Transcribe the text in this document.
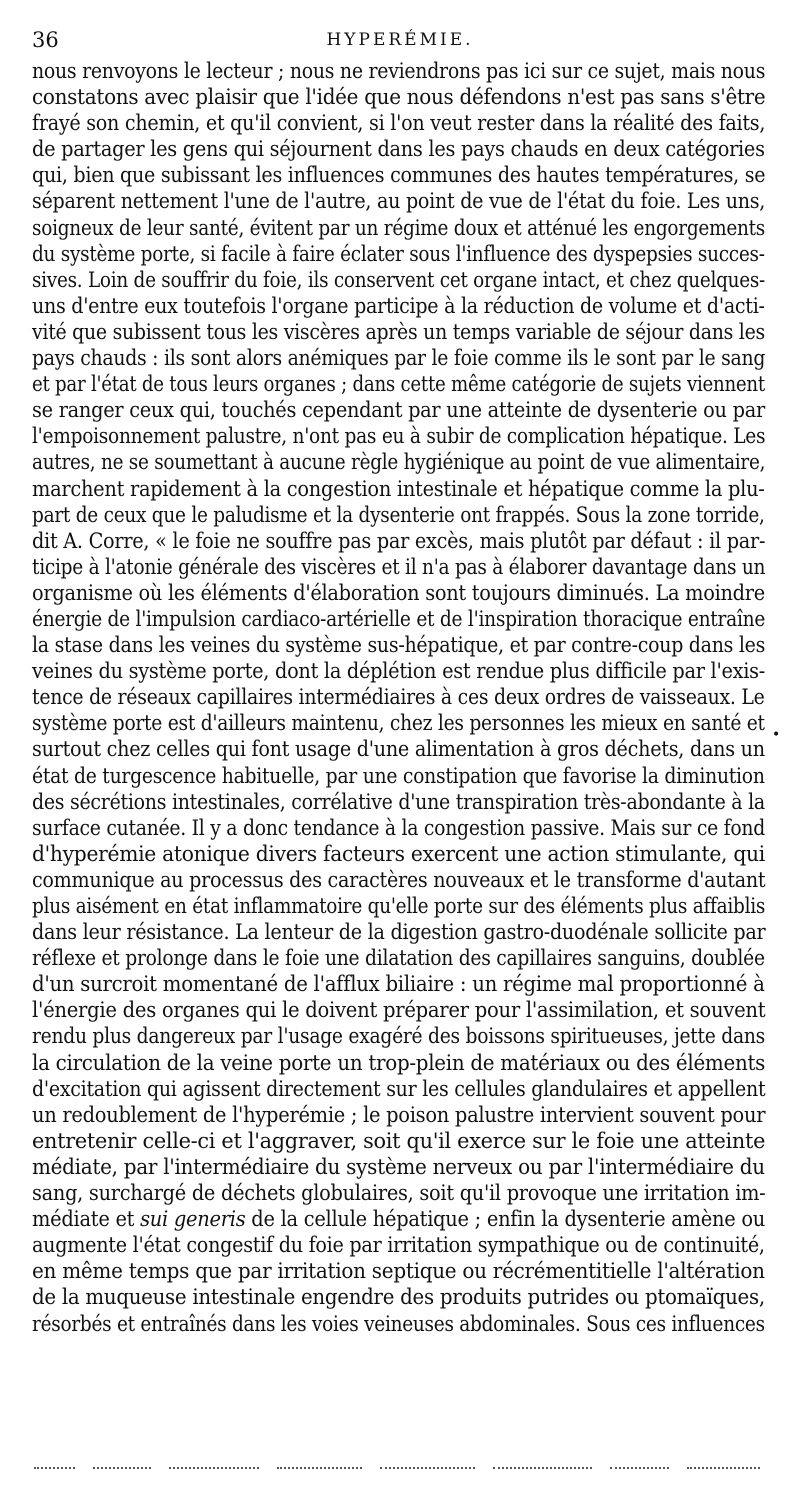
36	HYPERÉMIE.
nous renvoyons le lecteur ; nous ne reviendrons pas ici sur ce sujet, mais nous
constatons avec plaisir que l'idée que nous défendons n'est pas sans s'être
frayé son chemin, et qu'il convient, si l'on veut rester dans la réalité des faits,
de partager les gens qui séjournent dans les pays chauds en deux catégories
qui, bien que subissant les influences communes des hautes températures, se
séparent nettement l'une de l'autre, au point de vue de l'état du foie. Les uns,
soigneux de leur santé, évitent par un régime doux et atténué les engorgements
du système porte, si facile à faire éclater sous l'influence des dyspepsies succes-
sives. Loin de souffrir du foie, ils conservent cet organe intact, et chez quelques-
uns d'entre eux toutefois l'organe participe à la réduction de volume et d'acti-
vité que subissent tous les viscères après un temps variable de séjour dans les
pays chauds : ils sont alors anémiques par le foie comme ils le sont par le sang
et par l'état de tous leurs organes ; dans cette même catégorie de sujets viennent
se ranger ceux qui, touchés cependant par une atteinte de dysenterie ou par
l'empoisonnement palustre, n'ont pas eu à subir de complication hépatique. Les
autres, ne se soumettant à aucune règle hygiénique au point de vue alimentaire,
marchent rapidement à la congestion intestinale et hépatique comme la plu-
part de ceux que le paludisme et la dysenterie ont frappés. Sous la zone torride,
dit A. Corre, « le foie ne souffre pas par excès, mais plutôt par défaut : il par-
ticipe à l'atonie générale des viscères et il n'a pas à élaborer davantage dans un
organisme où les éléments d'élaboration sont toujours diminués. La moindre
énergie de l'impulsion cardiaco-artérielle et de l'inspiration thoracique entraîne
la stase dans les veines du système sus-hépatique, et par contre-coup dans les
veines du système porte, dont la déplétion est rendue plus difficile par l'exis-
tence de réseaux capillaires intermédiaires à ces deux ordres de vaisseaux. Le
système porte est d'ailleurs maintenu, chez les personnes les mieux en santé et
surtout chez celles qui font usage d'une alimentation à gros déchets, dans un
état de turgescence habituelle, par une constipation que favorise la diminution
des sécrétions intestinales, corrélative d'une transpiration très-abondante à la
surface cutanée. Il y a donc tendance à la congestion passive. Mais sur ce fond
d'hyperémie atonique divers facteurs exercent une action stimulante, qui
communique au processus des caractères nouveaux et le transforme d'autant
plus aisément en état inflammatoire qu'elle porte sur des éléments plus affaiblis
dans leur résistance. La lenteur de la digestion gastro-duodénale sollicite par
réflexe et prolonge dans le foie une dilatation des capillaires sanguins, doublée
d'un surcroit momentané de l'afflux biliaire : un régime mal proportionné à
l'énergie des organes qui le doivent préparer pour l'assimilation, et souvent
rendu plus dangereux par l'usage exagéré des boissons spiritueuses, jette dans
la circulation de la veine porte un trop-plein de matériaux ou des éléments
d'excitation qui agissent directement sur les cellules glandulaires et appellent
un redoublement de l'hyperémie ; le poison palustre intervient souvent pour
entretenir celle-ci et l'aggraver, soit qu'il exerce sur le foie une atteinte
médiate, par l'intermédiaire du système nerveux ou par l'intermédiaire du
sang, surchargé de déchets globulaires, soit qu'il provoque une irritation im-
médiate et sui generis de la cellule hépatique ; enfin la dysenterie amène ou
augmente l'état congestif du foie par irritation sympathique ou de continuité,
en même temps que par irritation septique ou récrémentitielle l'altération
de la muqueuse intestinale engendre des produits putrides ou ptomaïques,
résorbés et entraînés dans les voies veineuses abdominales. Sous ces influences
•
